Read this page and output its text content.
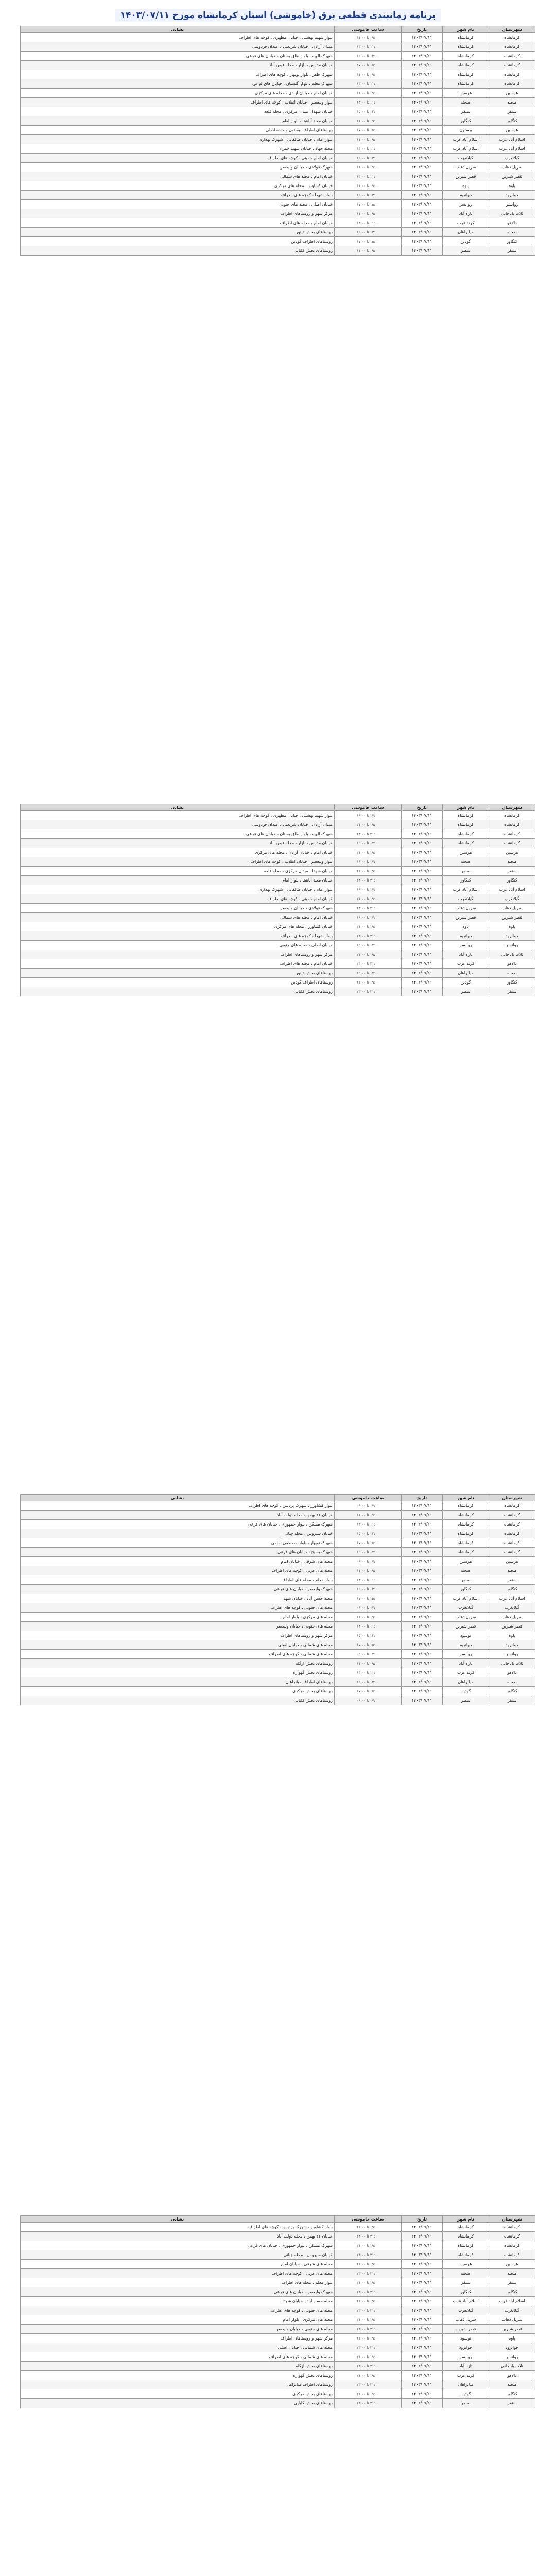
برنامه زمانبندی قطعی برق (خاموشی) استان کرمانشاه مورخ ۱۴۰۳/۰۷/۱۱
شهرستان	نام شهر	تاریخ	ساعت خاموشی	نشانی
کرمانشاه	کرمانشاه	۱۴۰۳/۰۷/۱۱	۰۹:۰۰ تا ۱۱:۰۰	بلوار شهید بهشتی ، خیابان مطهری ، کوچه های اطراف
کرمانشاه	کرمانشاه	۱۴۰۳/۰۷/۱۱	۱۱:۰۰ تا ۱۳:۰۰	میدان آزادی ، خیابان شریعتی تا میدان فردوسی
کرمانشاه	کرمانشاه	۱۴۰۳/۰۷/۱۱	۱۳:۰۰ تا ۱۵:۰۰	شهرک الهیه ، بلوار طاق بستان ، خیابان های فرعی
کرمانشاه	کرمانشاه	۱۴۰۳/۰۷/۱۱	۱۵:۰۰ تا ۱۷:۰۰	خیابان مدرس ، بازار ، محله فیض آباد
کرمانشاه	کرمانشاه	۱۴۰۳/۰۷/۱۱	۰۹:۰۰ تا ۱۱:۰۰	شهرک ظفر ، بلوار نوبهار ، کوچه های اطراف
کرمانشاه	کرمانشاه	۱۴۰۳/۰۷/۱۱	۱۱:۰۰ تا ۱۳:۰۰	شهرک معلم ، بلوار گلستان ، خیابان های فرعی
هرسین	هرسین	۱۴۰۳/۰۷/۱۱	۰۹:۰۰ تا ۱۱:۰۰	خیابان امام ، خیابان آزادی ، محله های مرکزی
صحنه	صحنه	۱۴۰۳/۰۷/۱۱	۱۱:۰۰ تا ۱۳:۰۰	بلوار ولیعصر ، خیابان انقلاب ، کوچه های اطراف
سنقر	سنقر	۱۴۰۳/۰۷/۱۱	۱۳:۰۰ تا ۱۵:۰۰	خیابان شهدا ، میدان مرکزی ، محله قلعه
کنگاور	کنگاور	۱۴۰۳/۰۷/۱۱	۰۹:۰۰ تا ۱۱:۰۰	خیابان معبد آناهیتا ، بلوار امام
هرسین	بیستون	۱۴۰۳/۰۷/۱۱	۱۵:۰۰ تا ۱۷:۰۰	روستاهای اطراف بیستون و جاده اصلی
اسلام آباد غرب	اسلام آباد غرب	۱۴۰۳/۰۷/۱۱	۰۹:۰۰ تا ۱۱:۰۰	بلوار امام ، خیابان طالقانی ، شهرک بهداری
اسلام آباد غرب	اسلام آباد غرب	۱۴۰۳/۰۷/۱۱	۱۱:۰۰ تا ۱۳:۰۰	محله جهاد ، خیابان شهید چمران
گیلانغرب	گیلانغرب	۱۴۰۳/۰۷/۱۱	۱۳:۰۰ تا ۱۵:۰۰	خیابان امام خمینی ، کوچه های اطراف
سرپل ذهاب	سرپل ذهاب	۱۴۰۳/۰۷/۱۱	۰۹:۰۰ تا ۱۱:۰۰	شهرک فولادی ، خیابان ولیعصر
قصر شیرین	قصر شیرین	۱۴۰۳/۰۷/۱۱	۱۱:۰۰ تا ۱۳:۰۰	خیابان امام ، محله های شمالی
پاوه	پاوه	۱۴۰۳/۰۷/۱۱	۰۹:۰۰ تا ۱۱:۰۰	خیابان کشاورز ، محله های مرکزی
جوانرود	جوانرود	۱۴۰۳/۰۷/۱۱	۱۳:۰۰ تا ۱۵:۰۰	بلوار شهدا ، کوچه های اطراف
روانسر	روانسر	۱۴۰۳/۰۷/۱۱	۱۵:۰۰ تا ۱۷:۰۰	خیابان اصلی ، محله های جنوبی
ثلاث باباجانی	تازه آباد	۱۴۰۳/۰۷/۱۱	۰۹:۰۰ تا ۱۱:۰۰	مرکز شهر و روستاهای اطراف
دالاهو	کرند غرب	۱۴۰۳/۰۷/۱۱	۱۱:۰۰ تا ۱۳:۰۰	خیابان امام ، محله های اطراف
صحنه	میانراهان	۱۴۰۳/۰۷/۱۱	۱۳:۰۰ تا ۱۵:۰۰	روستاهای بخش دینور
کنگاور	گودین	۱۴۰۳/۰۷/۱۱	۱۵:۰۰ تا ۱۷:۰۰	روستاهای اطراف گودین
سنقر	سطر	۱۴۰۳/۰۷/۱۱	۰۹:۰۰ تا ۱۱:۰۰	روستاهای بخش کلیایی
شهرستان	نام شهر	تاریخ	ساعت خاموشی	نشانی
کرمانشاه	کرمانشاه	۱۴۰۳/۰۷/۱۱	۱۷:۰۰ تا ۱۹:۰۰	بلوار شهید بهشتی ، خیابان مطهری ، کوچه های اطراف
کرمانشاه	کرمانشاه	۱۴۰۳/۰۷/۱۱	۱۹:۰۰ تا ۲۱:۰۰	میدان آزادی ، خیابان شریعتی تا میدان فردوسی
کرمانشاه	کرمانشاه	۱۴۰۳/۰۷/۱۱	۲۱:۰۰ تا ۲۳:۰۰	شهرک الهیه ، بلوار طاق بستان ، خیابان های فرعی
کرمانشاه	کرمانشاه	۱۴۰۳/۰۷/۱۱	۱۷:۰۰ تا ۱۹:۰۰	خیابان مدرس ، بازار ، محله فیض آباد
هرسین	هرسین	۱۴۰۳/۰۷/۱۱	۱۹:۰۰ تا ۲۱:۰۰	خیابان امام ، خیابان آزادی ، محله های مرکزی
صحنه	صحنه	۱۴۰۳/۰۷/۱۱	۱۷:۰۰ تا ۱۹:۰۰	بلوار ولیعصر ، خیابان انقلاب ، کوچه های اطراف
سنقر	سنقر	۱۴۰۳/۰۷/۱۱	۱۹:۰۰ تا ۲۱:۰۰	خیابان شهدا ، میدان مرکزی ، محله قلعه
کنگاور	کنگاور	۱۴۰۳/۰۷/۱۱	۲۱:۰۰ تا ۲۳:۰۰	خیابان معبد آناهیتا ، بلوار امام
اسلام آباد غرب	اسلام آباد غرب	۱۴۰۳/۰۷/۱۱	۱۷:۰۰ تا ۱۹:۰۰	بلوار امام ، خیابان طالقانی ، شهرک بهداری
گیلانغرب	گیلانغرب	۱۴۰۳/۰۷/۱۱	۱۹:۰۰ تا ۲۱:۰۰	خیابان امام خمینی ، کوچه های اطراف
سرپل ذهاب	سرپل ذهاب	۱۴۰۳/۰۷/۱۱	۲۱:۰۰ تا ۲۳:۰۰	شهرک فولادی ، خیابان ولیعصر
قصر شیرین	قصر شیرین	۱۴۰۳/۰۷/۱۱	۱۷:۰۰ تا ۱۹:۰۰	خیابان امام ، محله های شمالی
پاوه	پاوه	۱۴۰۳/۰۷/۱۱	۱۹:۰۰ تا ۲۱:۰۰	خیابان کشاورز ، محله های مرکزی
جوانرود	جوانرود	۱۴۰۳/۰۷/۱۱	۲۱:۰۰ تا ۲۳:۰۰	بلوار شهدا ، کوچه های اطراف
روانسر	روانسر	۱۴۰۳/۰۷/۱۱	۱۷:۰۰ تا ۱۹:۰۰	خیابان اصلی ، محله های جنوبی
ثلاث باباجانی	تازه آباد	۱۴۰۳/۰۷/۱۱	۱۹:۰۰ تا ۲۱:۰۰	مرکز شهر و روستاهای اطراف
دالاهو	کرند غرب	۱۴۰۳/۰۷/۱۱	۲۱:۰۰ تا ۲۳:۰۰	خیابان امام ، محله های اطراف
صحنه	میانراهان	۱۴۰۳/۰۷/۱۱	۱۷:۰۰ تا ۱۹:۰۰	روستاهای بخش دینور
کنگاور	گودین	۱۴۰۳/۰۷/۱۱	۱۹:۰۰ تا ۲۱:۰۰	روستاهای اطراف گودین
سنقر	سطر	۱۴۰۳/۰۷/۱۱	۲۱:۰۰ تا ۲۳:۰۰	روستاهای بخش کلیایی
شهرستان	نام شهر	تاریخ	ساعت خاموشی	نشانی
کرمانشاه	کرمانشاه	۱۴۰۳/۰۷/۱۱	۰۷:۰۰ تا ۰۹:۰۰	بلوار کشاورز ، شهرک پردیس ، کوچه های اطراف
کرمانشاه	کرمانشاه	۱۴۰۳/۰۷/۱۱	۰۹:۰۰ تا ۱۱:۰۰	خیابان ۲۲ بهمن ، محله دولت آباد
کرمانشاه	کرمانشاه	۱۴۰۳/۰۷/۱۱	۱۱:۰۰ تا ۱۳:۰۰	شهرک مسکن ، بلوار جمهوری ، خیابان های فرعی
کرمانشاه	کرمانشاه	۱۴۰۳/۰۷/۱۱	۱۳:۰۰ تا ۱۵:۰۰	خیابان سیروس ، محله چنانی
کرمانشاه	کرمانشاه	۱۴۰۳/۰۷/۱۱	۱۵:۰۰ تا ۱۷:۰۰	شهرک نوبهار ، بلوار مصطفی امامی
کرمانشاه	کرمانشاه	۱۴۰۳/۰۷/۱۱	۱۷:۰۰ تا ۱۹:۰۰	شهرک بسیج ، خیابان های فرعی
هرسین	هرسین	۱۴۰۳/۰۷/۱۱	۰۷:۰۰ تا ۰۹:۰۰	محله های شرقی ، خیابان امام
صحنه	صحنه	۱۴۰۳/۰۷/۱۱	۰۹:۰۰ تا ۱۱:۰۰	محله های غربی ، کوچه های اطراف
سنقر	سنقر	۱۴۰۳/۰۷/۱۱	۱۱:۰۰ تا ۱۳:۰۰	بلوار معلم ، محله های اطراف
کنگاور	کنگاور	۱۴۰۳/۰۷/۱۱	۱۳:۰۰ تا ۱۵:۰۰	شهرک ولیعصر ، خیابان های فرعی
اسلام آباد غرب	اسلام آباد غرب	۱۴۰۳/۰۷/۱۱	۱۵:۰۰ تا ۱۷:۰۰	محله حسن آباد ، خیابان شهدا
گیلانغرب	گیلانغرب	۱۴۰۳/۰۷/۱۱	۰۷:۰۰ تا ۰۹:۰۰	محله های جنوبی ، کوچه های اطراف
سرپل ذهاب	سرپل ذهاب	۱۴۰۳/۰۷/۱۱	۰۹:۰۰ تا ۱۱:۰۰	محله های مرکزی ، بلوار امام
قصر شیرین	قصر شیرین	۱۴۰۳/۰۷/۱۱	۱۱:۰۰ تا ۱۳:۰۰	محله های جنوبی ، خیابان ولیعصر
پاوه	نوسود	۱۴۰۳/۰۷/۱۱	۱۳:۰۰ تا ۱۵:۰۰	مرکز شهر و روستاهای اطراف
جوانرود	جوانرود	۱۴۰۳/۰۷/۱۱	۱۵:۰۰ تا ۱۷:۰۰	محله های شمالی ، خیابان اصلی
روانسر	روانسر	۱۴۰۳/۰۷/۱۱	۰۷:۰۰ تا ۰۹:۰۰	محله های شمالی ، کوچه های اطراف
ثلاث باباجانی	تازه آباد	۱۴۰۳/۰۷/۱۱	۰۹:۰۰ تا ۱۱:۰۰	روستاهای بخش ازگله
دالاهو	کرند غرب	۱۴۰۳/۰۷/۱۱	۱۱:۰۰ تا ۱۳:۰۰	روستاهای بخش گهواره
صحنه	میانراهان	۱۴۰۳/۰۷/۱۱	۱۳:۰۰ تا ۱۵:۰۰	روستاهای اطراف میانراهان
کنگاور	گودین	۱۴۰۳/۰۷/۱۱	۱۵:۰۰ تا ۱۷:۰۰	روستاهای بخش مرکزی
سنقر	سطر	۱۴۰۳/۰۷/۱۱	۰۷:۰۰ تا ۰۹:۰۰	روستاهای بخش کلیایی
شهرستان	نام شهر	تاریخ	ساعت خاموشی	نشانی
کرمانشاه	کرمانشاه	۱۴۰۳/۰۷/۱۱	۱۹:۰۰ تا ۲۱:۰۰	بلوار کشاورز ، شهرک پردیس ، کوچه های اطراف
کرمانشاه	کرمانشاه	۱۴۰۳/۰۷/۱۱	۲۱:۰۰ تا ۲۳:۰۰	خیابان ۲۲ بهمن ، محله دولت آباد
کرمانشاه	کرمانشاه	۱۴۰۳/۰۷/۱۱	۱۹:۰۰ تا ۲۱:۰۰	شهرک مسکن ، بلوار جمهوری ، خیابان های فرعی
کرمانشاه	کرمانشاه	۱۴۰۳/۰۷/۱۱	۲۱:۰۰ تا ۲۳:۰۰	خیابان سیروس ، محله چنانی
هرسین	هرسین	۱۴۰۳/۰۷/۱۱	۱۹:۰۰ تا ۲۱:۰۰	محله های شرقی ، خیابان امام
صحنه	صحنه	۱۴۰۳/۰۷/۱۱	۲۱:۰۰ تا ۲۳:۰۰	محله های غربی ، کوچه های اطراف
سنقر	سنقر	۱۴۰۳/۰۷/۱۱	۱۹:۰۰ تا ۲۱:۰۰	بلوار معلم ، محله های اطراف
کنگاور	کنگاور	۱۴۰۳/۰۷/۱۱	۲۱:۰۰ تا ۲۳:۰۰	شهرک ولیعصر ، خیابان های فرعی
اسلام آباد غرب	اسلام آباد غرب	۱۴۰۳/۰۷/۱۱	۱۹:۰۰ تا ۲۱:۰۰	محله حسن آباد ، خیابان شهدا
گیلانغرب	گیلانغرب	۱۴۰۳/۰۷/۱۱	۲۱:۰۰ تا ۲۳:۰۰	محله های جنوبی ، کوچه های اطراف
سرپل ذهاب	سرپل ذهاب	۱۴۰۳/۰۷/۱۱	۱۹:۰۰ تا ۲۱:۰۰	محله های مرکزی ، بلوار امام
قصر شیرین	قصر شیرین	۱۴۰۳/۰۷/۱۱	۲۱:۰۰ تا ۲۳:۰۰	محله های جنوبی ، خیابان ولیعصر
پاوه	نوسود	۱۴۰۳/۰۷/۱۱	۱۹:۰۰ تا ۲۱:۰۰	مرکز شهر و روستاهای اطراف
جوانرود	جوانرود	۱۴۰۳/۰۷/۱۱	۲۱:۰۰ تا ۲۳:۰۰	محله های شمالی ، خیابان اصلی
روانسر	روانسر	۱۴۰۳/۰۷/۱۱	۱۹:۰۰ تا ۲۱:۰۰	محله های شمالی ، کوچه های اطراف
ثلاث باباجانی	تازه آباد	۱۴۰۳/۰۷/۱۱	۲۱:۰۰ تا ۲۳:۰۰	روستاهای بخش ازگله
دالاهو	کرند غرب	۱۴۰۳/۰۷/۱۱	۱۹:۰۰ تا ۲۱:۰۰	روستاهای بخش گهواره
صحنه	میانراهان	۱۴۰۳/۰۷/۱۱	۲۱:۰۰ تا ۲۳:۰۰	روستاهای اطراف میانراهان
کنگاور	گودین	۱۴۰۳/۰۷/۱۱	۱۹:۰۰ تا ۲۱:۰۰	روستاهای بخش مرکزی
سنقر	سطر	۱۴۰۳/۰۷/۱۱	۲۱:۰۰ تا ۲۳:۰۰	روستاهای بخش کلیایی
